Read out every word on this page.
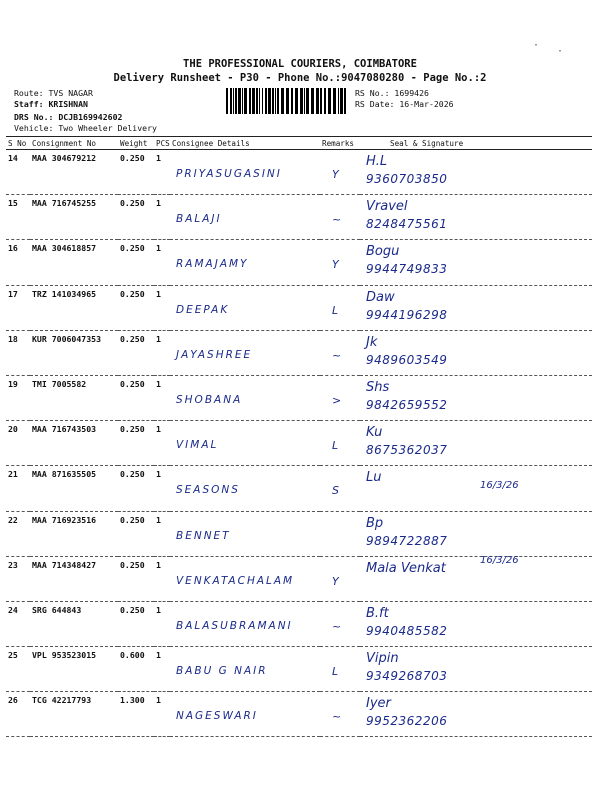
THE PROFESSIONAL COURIERS, COIMBATORE
Delivery Runsheet - P30 - Phone No.:9047080280 - Page No.:2
Route: TVS NAGAR
Staff: KRISHNAN
DRS No.: DCJB169942602
RS No.: 1699426
RS Date: 16-Mar-2026
Vehicle: Two Wheeler Delivery
·
·
S No	Consignment No	Weight	PCS	Consignee Details	Remarks	Seal & Signature
14	MAA 304679212	0.250	1	PRIYASUGASINI	Y	H.L
9360703850

15	MAA 716745255	0.250	1	BALAJI	~	Vravel
8248475561

16	MAA 304618857	0.250	1	RAMAJAMY	Y	Bogu
9944749833

17	TRZ 141034965	0.250	1	DEEPAK	L	Daw
9944196298

18	KUR 7006047353	0.250	1	JAYASHREE	~	Jk
9489603549

19	TMI 7005582	0.250	1	SHOBANA	>	Shs
9842659552

20	MAA 716743503	0.250	1	VIMAL	L	Ku
8675362037

21	MAA 871635505	0.250	1	SEASONS	S	Lu
16/3/26

22	MAA 716923516	0.250	1	BENNET		Bp
9894722887

23	MAA 714348427	0.250	1	VENKATACHALAM	Y	Mala Venkat
16/3/26

24	SRG 644843	0.250	1	BALASUBRAMANI	~	B.ft
9940485582

25	VPL 953523015	0.600	1	BABU G NAIR	L	Vipin
9349268703

26	TCG 42217793	1.300	1	NAGESWARI	~	Iyer
9952362206
